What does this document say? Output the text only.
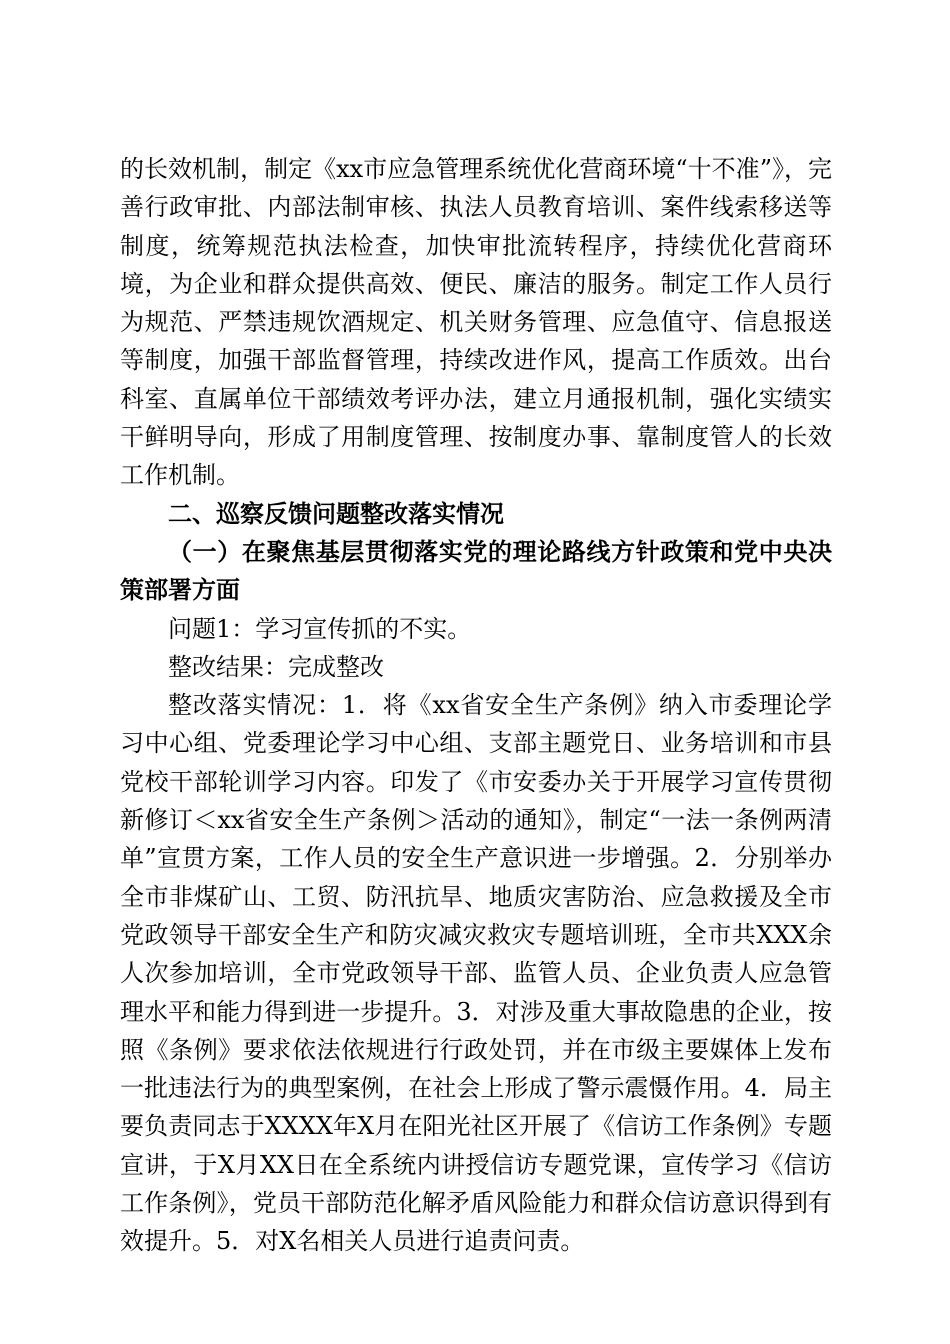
的长效机制，制定《xx市应急管理系统优化营商环境“十不准”》，完善行政审批、内部法制审核、执法人员教育培训、案件线索移送等制度，统筹规范执法检查，加快审批流转程序，持续优化营商环境，为企业和群众提供高效、便民、廉洁的服务。制定工作人员行为规范、严禁违规饮酒规定、机关财务管理、应急值守、信息报送等制度，加强干部监督管理，持续改进作风，提高工作质效。出台科室、直属单位干部绩效考评办法，建立月通报机制，强化实绩实干鲜明导向，形成了用制度管理、按制度办事、靠制度管人的长效工作机制。

二、巡察反馈问题整改落实情况

（一）在聚焦基层贯彻落实党的理论路线方针政策和党中央决策部署方面

问题1：学习宣传抓的不实。

整改结果：完成整改

整改落实情况：1．将《xx省安全生产条例》纳入市委理论学习中心组、党委理论学习中心组、支部主题党日、业务培训和市县党校干部轮训学习内容。印发了《市安委办关于开展学习宣传贯彻新修订＜xx省安全生产条例＞活动的通知》，制定“一法一条例两清单”宣贯方案，工作人员的安全生产意识进一步增强。2．分别举办全市非煤矿山、工贸、防汛抗旱、地质灾害防治、应急救援及全市党政领导干部安全生产和防灾减灾救灾专题培训班，全市共XXX余人次参加培训，全市党政领导干部、监管人员、企业负责人应急管理水平和能力得到进一步提升。3．对涉及重大事故隐患的企业，按照《条例》要求依法依规进行行政处罚，并在市级主要媒体上发布一批违法行为的典型案例，在社会上形成了警示震慑作用。4．局主要负责同志于XXXX年X月在阳光社区开展了《信访工作条例》专题宣讲，于X月XX日在全系统内讲授信访专题党课，宣传学习《信访工作条例》，党员干部防范化解矛盾风险能力和群众信访意识得到有效提升。5．对X名相关人员进行追责问责。
